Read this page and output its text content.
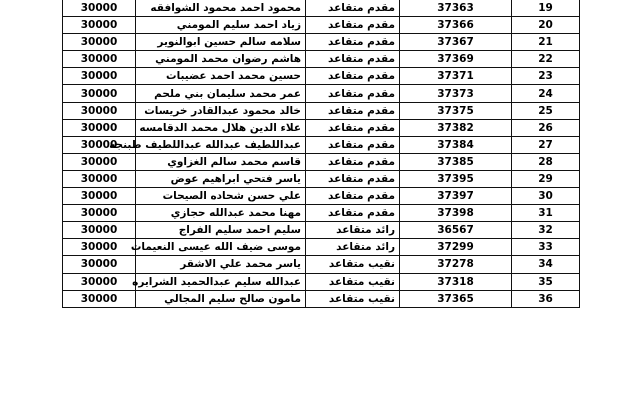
30000	محمود احمد محمود الشوافقه	مقدم متقاعد	37363	19
30000	زياد احمد سليم المومني	مقدم متقاعد	37366	20
30000	سلامه سالم حسين ابوالنوير	مقدم متقاعد	37367	21
30000	هاشم رضوان محمد المومني	مقدم متقاعد	37369	22
30000	حسين محمد احمد عضيبات	مقدم متقاعد	37371	23
30000	عمر محمد سليمان بني ملحم	مقدم متقاعد	37373	24
30000	خالد محمود عبدالقادر خريسات	مقدم متقاعد	37375	25
30000	علاء الدين هلال محمد الدقامسه	مقدم متقاعد	37382	26
30000	عبداللطيف عبدالله عبداللطيف طبنجه	مقدم متقاعد	37384	27
30000	قاسم محمد سالم الغزاوي	مقدم متقاعد	37385	28
30000	ياسر فتحي ابراهيم عوض	مقدم متقاعد	37395	29
30000	علي حسن شحاده الصيحات	مقدم متقاعد	37397	30
30000	مهنا محمد عبدالله حجازي	مقدم متقاعد	37398	31
30000	سليم احمد سليم الفراج	رائد متقاعد	36567	32
30000	موسى ضيف الله عيسى النعيمات	رائد متقاعد	37299	33
30000	ياسر محمد علي الاشقر	نقيب متقاعد	37278	34
30000	عبدالله سليم عبدالحميد الشرايره	نقيب متقاعد	37318	35
30000	مامون صالح سليم المجالي	نقيب متقاعد	37365	36
